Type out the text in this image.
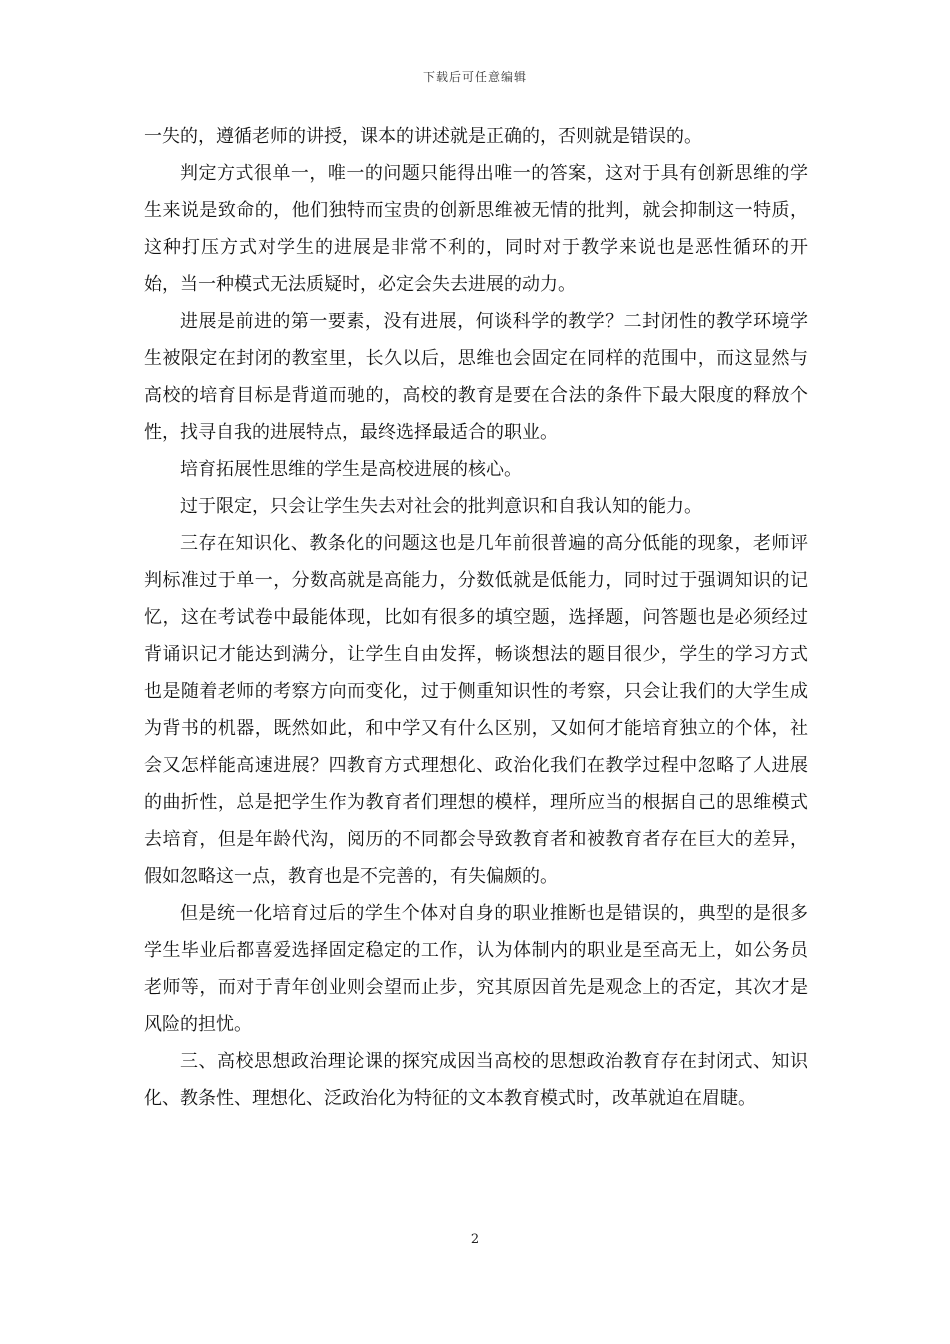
下载后可任意编辑

一失的，遵循老师的讲授，课本的讲述就是正确的，否则就是错误的。

判定方式很单一，唯一的问题只能得出唯一的答案，这对于具有创新思维的学生来说是致命的，他们独特而宝贵的创新思维被无情的批判，就会抑制这一特质，这种打压方式对学生的进展是非常不利的，同时对于教学来说也是恶性循环的开始，当一种模式无法质疑时，必定会失去进展的动力。

进展是前进的第一要素，没有进展，何谈科学的教学？二封闭性的教学环境学生被限定在封闭的教室里，长久以后，思维也会固定在同样的范围中，而这显然与高校的培育目标是背道而驰的，高校的教育是要在合法的条件下最大限度的释放个性，找寻自我的进展特点，最终选择最适合的职业。

培育拓展性思维的学生是高校进展的核心。

过于限定，只会让学生失去对社会的批判意识和自我认知的能力。

三存在知识化、教条化的问题这也是几年前很普遍的高分低能的现象，老师评判标准过于单一，分数高就是高能力，分数低就是低能力，同时过于强调知识的记忆，这在考试卷中最能体现，比如有很多的填空题，选择题，问答题也是必须经过背诵识记才能达到满分，让学生自由发挥，畅谈想法的题目很少，学生的学习方式也是随着老师的考察方向而变化，过于侧重知识性的考察，只会让我们的大学生成为背书的机器，既然如此，和中学又有什么区别，又如何才能培育独立的个体，社会又怎样能高速进展？四教育方式理想化、政治化我们在教学过程中忽略了人进展的曲折性，总是把学生作为教育者们理想的模样，理所应当的根据自己的思维模式去培育，但是年龄代沟，阅历的不同都会导致教育者和被教育者存在巨大的差异，假如忽略这一点，教育也是不完善的，有失偏颇的。

但是统一化培育过后的学生个体对自身的职业推断也是错误的，典型的是很多学生毕业后都喜爱选择固定稳定的工作，认为体制内的职业是至高无上，如公务员老师等，而对于青年创业则会望而止步，究其原因首先是观念上的否定，其次才是风险的担忧。

三、高校思想政治理论课的探究成因当高校的思想政治教育存在封闭式、知识化、教条性、理想化、泛政治化为特征的文本教育模式时，改革就迫在眉睫。

2
